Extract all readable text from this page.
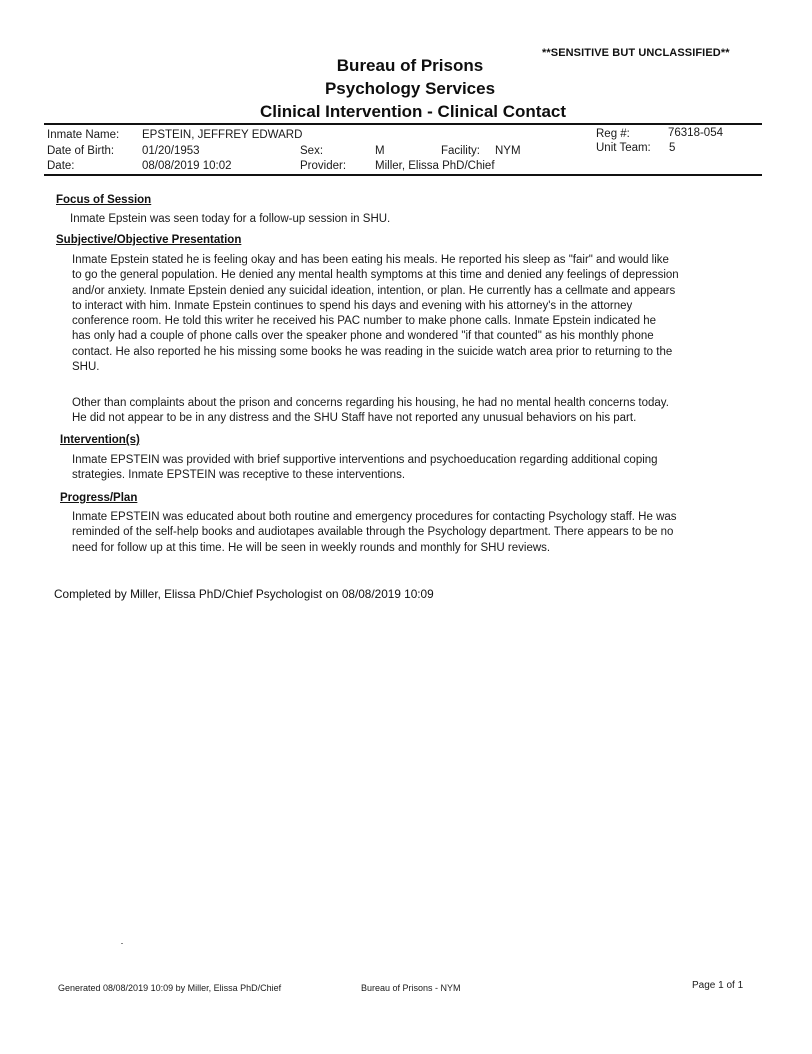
**SENSITIVE BUT UNCLASSIFIED**
Bureau of Prisons
Psychology Services
Clinical Intervention - Clinical Contact
Inmate Name: EPSTEIN, JEFFREY EDWARD
Date of Birth: 01/20/1953
Date:	08/08/2019 10:02
Sex:	M
Provider:	Miller, Elissa PhD/Chief
Facility: NYM
Reg #:	76318-054
Unit Team: 5
Focus of Session
Inmate Epstein was seen today for a follow-up session in SHU.
Subjective/Objective Presentation
Inmate Epstein stated he is feeling okay and has been eating his meals. He reported his sleep as "fair" and would like
to go the general population. He denied any mental health symptoms at this time and denied any feelings of depression
and/or anxiety. Inmate Epstein denied any suicidal ideation, intention, or plan. He currently has a cellmate and appears
to interact with him. Inmate Epstein continues to spend his days and evening with his attorney's in the attorney
conference room. He told this writer he received his PAC number to make phone calls. Inmate Epstein indicated he
has only had a couple of phone calls over the speaker phone and wondered "if that counted" as his monthly phone
contact. He also reported he his missing some books he was reading in the suicide watch area prior to returning to the
SHU.
Other than complaints about the prison and concerns regarding his housing, he had no mental health concerns today.
He did not appear to be in any distress and the SHU Staff have not reported any unusual behaviors on his part.
Intervention(s)
Inmate EPSTEIN was provided with brief supportive interventions and psychoeducation regarding additional coping
strategies. Inmate EPSTEIN was receptive to these interventions.
Progress/Plan
Inmate EPSTEIN was educated about both routine and emergency procedures for contacting Psychology staff. He was
reminded of the self-help books and audiotapes available through the Psychology department. There appears to be no
need for follow up at this time. He will be seen in weekly rounds and monthly for SHU reviews.
Completed by Miller, Elissa PhD/Chief Psychologist on 08/08/2019 10:09
Generated 08/08/2019 10:09 by Miller, Elissa PhD/Chief	Bureau of Prisons - NYM	Page 1 of 1
